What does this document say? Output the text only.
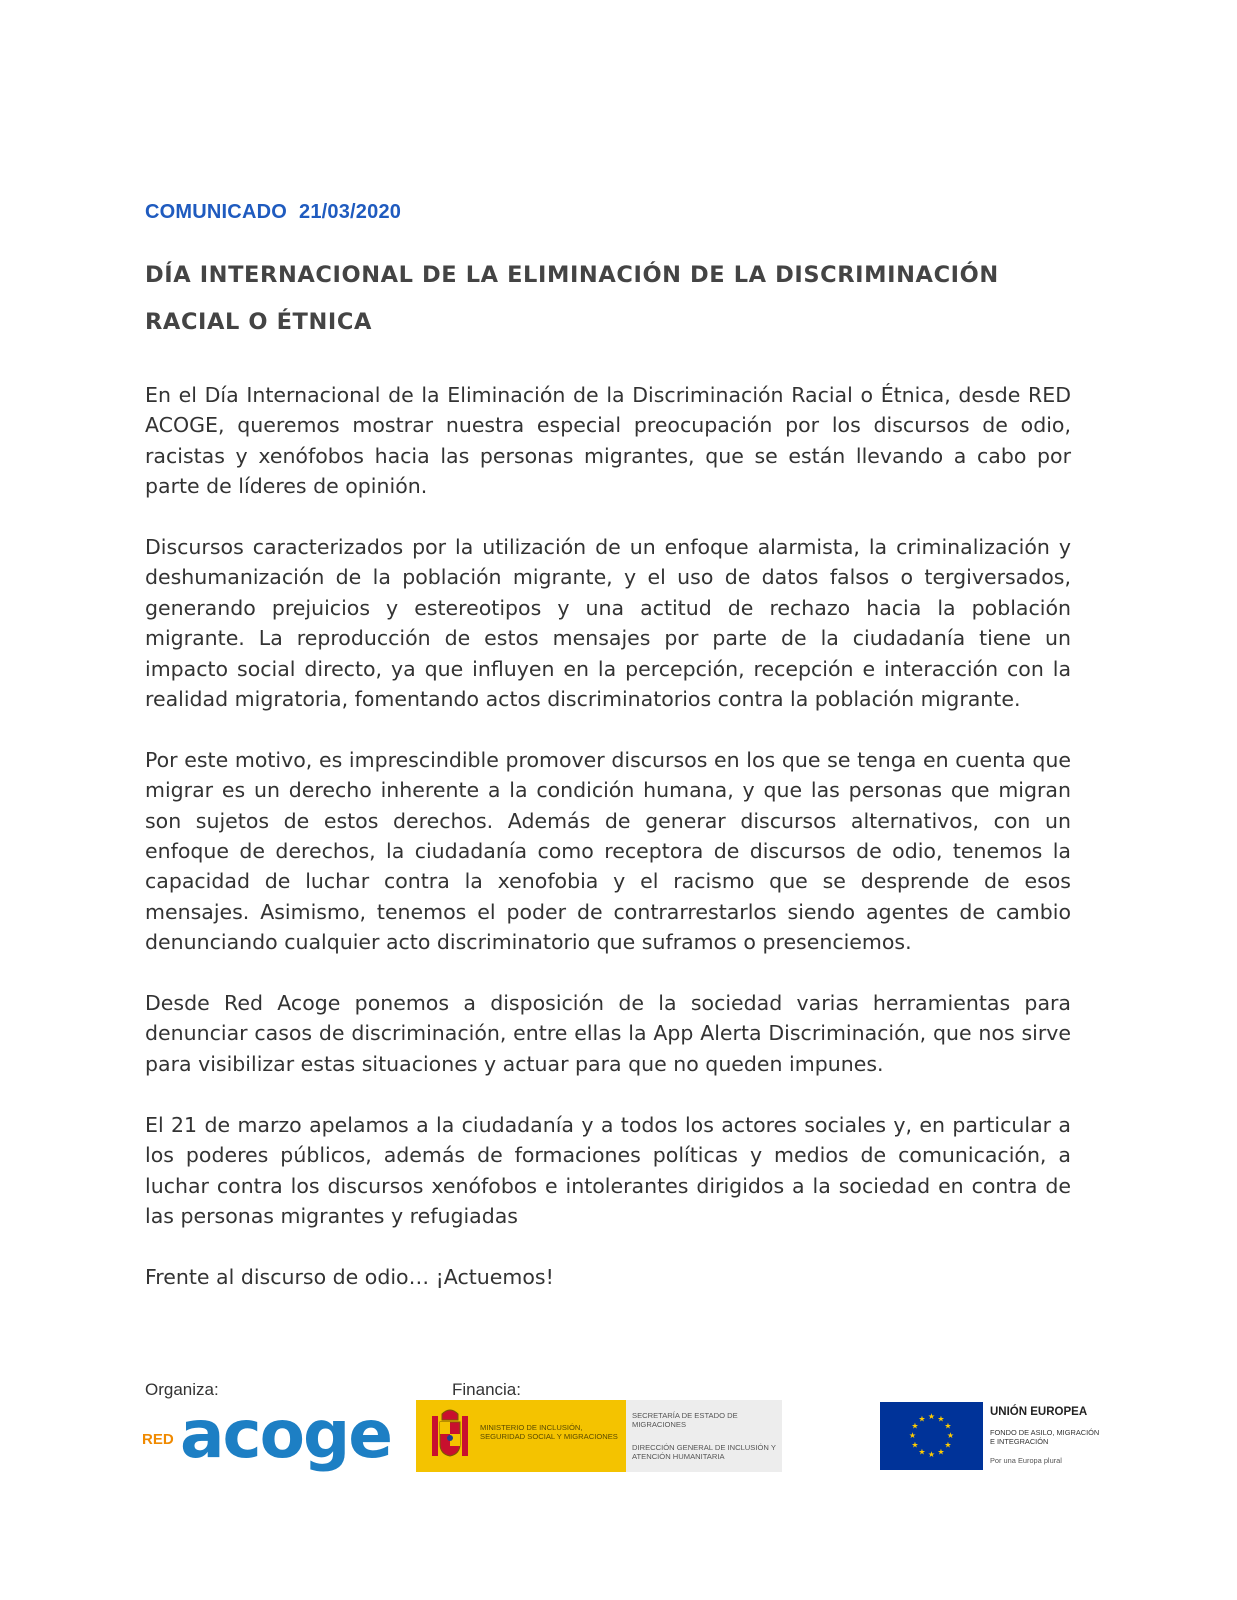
COMUNICADO 21/03/2020
DÍA INTERNACIONAL DE LA ELIMINACIÓN DE LA DISCRIMINACIÓN
RACIAL O ÉTNICA

En el Día Internacional de la Eliminación de la Discriminación Racial o Étnica, desde RED ACOGE, queremos mostrar nuestra especial preocupación por los discursos de odio, racistas y xenófobos hacia las personas migrantes, que se están llevando a cabo por parte de líderes de opinión.

Discursos caracterizados por la utilización de un enfoque alarmista, la criminalización y deshumanización de la población migrante, y el uso de datos falsos o tergiversados, generando prejuicios y estereotipos y una actitud de rechazo hacia la población migrante. La reproducción de estos mensajes por parte de la ciudadanía tiene un impacto social directo, ya que influyen en la percepción, recepción e interacción con la realidad migratoria, fomentando actos discriminatorios contra la población migrante.

Por este motivo, es imprescindible promover discursos en los que se tenga en cuenta que migrar es un derecho inherente a la condición humana, y que las personas que migran son sujetos de estos derechos. Además de generar discursos alternativos, con un enfoque de derechos, la ciudadanía como receptora de discursos de odio, tenemos la capacidad de luchar contra la xenofobia y el racismo que se desprende de esos mensajes. Asimismo, tenemos el poder de contrarrestarlos siendo agentes de cambio denunciando cualquier acto discriminatorio que suframos o presenciemos.

Desde Red Acoge ponemos a disposición de la sociedad varias herramientas para denunciar casos de discriminación, entre ellas la App Alerta Discriminación, que nos sirve para visibilizar estas situaciones y actuar para que no queden impunes.

El 21 de marzo apelamos a la ciudadanía y a todos los actores sociales y, en particular a los poderes públicos, además de formaciones políticas y medios de comunicación, a luchar contra los discursos xenófobos e intolerantes dirigidos a la sociedad en contra de las personas migrantes y refugiadas

Frente al discurso de odio… ¡Actuemos!

Organiza:	Financia:
RED acoge	MINISTERIO DE INCLUSIÓN, SEGURIDAD SOCIAL Y MIGRACIONES
SECRETARÍA DE ESTADO DE MIGRACIONES
DIRECCIÓN GENERAL DE INCLUSIÓN Y ATENCIÓN HUMANITARIA
★ ★
★
★
★
★
★
★
★
★
★
★
UNIÓN EUROPEA
FONDO DE ASILO, MIGRACIÓN E INTEGRACIÓN
Por una Europa plural
